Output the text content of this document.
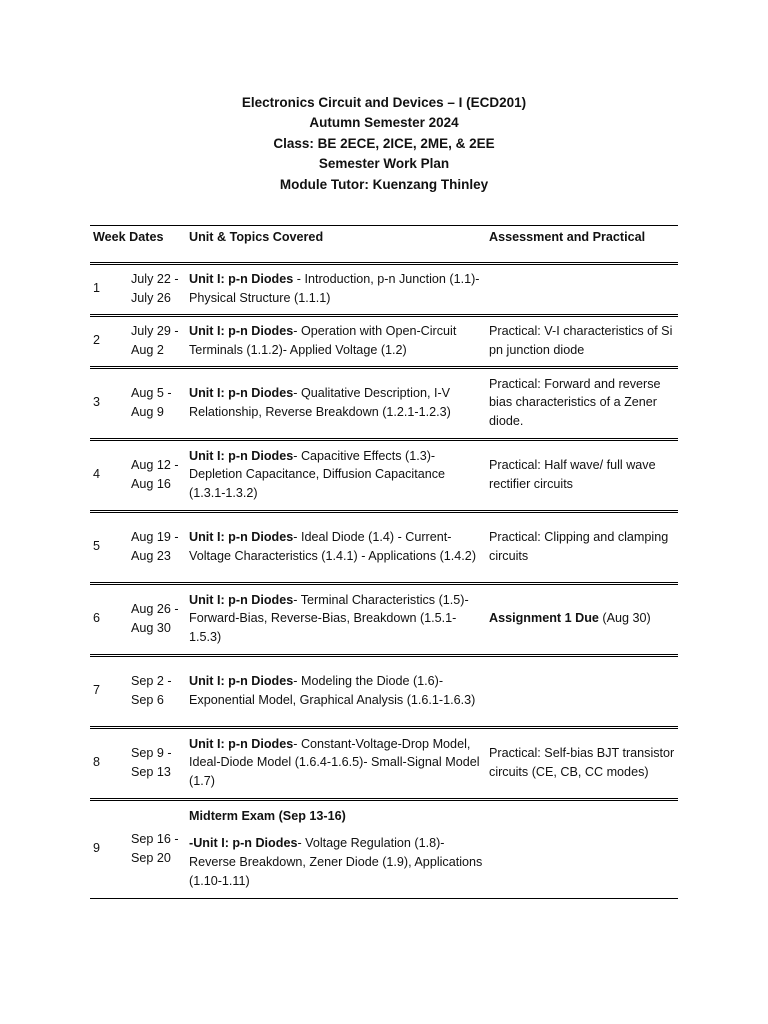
Electronics Circuit and Devices – I (ECD201)
Autumn Semester 2024
Class: BE 2ECE, 2ICE, 2ME, & 2EE
Semester Work Plan
Module Tutor: Kuenzang Thinley
Week Dates		Unit & Topics Covered	Assessment and Practical
1	July 22 - July 26	Unit I: p-n Diodes - Introduction, p-n Junction (1.1)- Physical Structure (1.1.1)	
2	July 29 - Aug 2	Unit I: p-n Diodes- Operation with Open-Circuit Terminals (1.1.2)- Applied Voltage (1.2)	Practical: V-I characteristics of Si pn junction diode
3	Aug 5 - Aug 9	Unit I: p-n Diodes- Qualitative Description, I-V Relationship, Reverse Breakdown (1.2.1-1.2.3)	Practical: Forward and reverse bias characteristics of a Zener diode.
4	Aug 12 - Aug 16	Unit I: p-n Diodes- Capacitive Effects (1.3)- Depletion Capacitance, Diffusion Capacitance (1.3.1-1.3.2)	Practical: Half wave/ full wave rectifier circuits
5	Aug 19 - Aug 23	Unit I: p-n Diodes- Ideal Diode (1.4) - Current-Voltage Characteristics (1.4.1) - Applications (1.4.2)	Practical: Clipping and clamping circuits
6	Aug 26 - Aug 30	Unit I: p-n Diodes- Terminal Characteristics (1.5)- Forward-Bias, Reverse-Bias, Breakdown (1.5.1-1.5.3)	Assignment 1 Due (Aug 30)
7	Sep 2 - Sep 6	Unit I: p-n Diodes- Modeling the Diode (1.6)- Exponential Model, Graphical Analysis (1.6.1-1.6.3)	
8	Sep 9 - Sep 13	Unit I: p-n Diodes- Constant-Voltage-Drop Model, Ideal-Diode Model (1.6.4-1.6.5)- Small-Signal Model (1.7)	Practical: Self-bias BJT transistor circuits (CE, CB, CC modes)
9	Sep 16 - Sep 20	Midterm Exam (Sep 13-16)
-Unit I: p-n Diodes- Voltage Regulation (1.8)- Reverse Breakdown, Zener Diode (1.9), Applications (1.10-1.11)	
